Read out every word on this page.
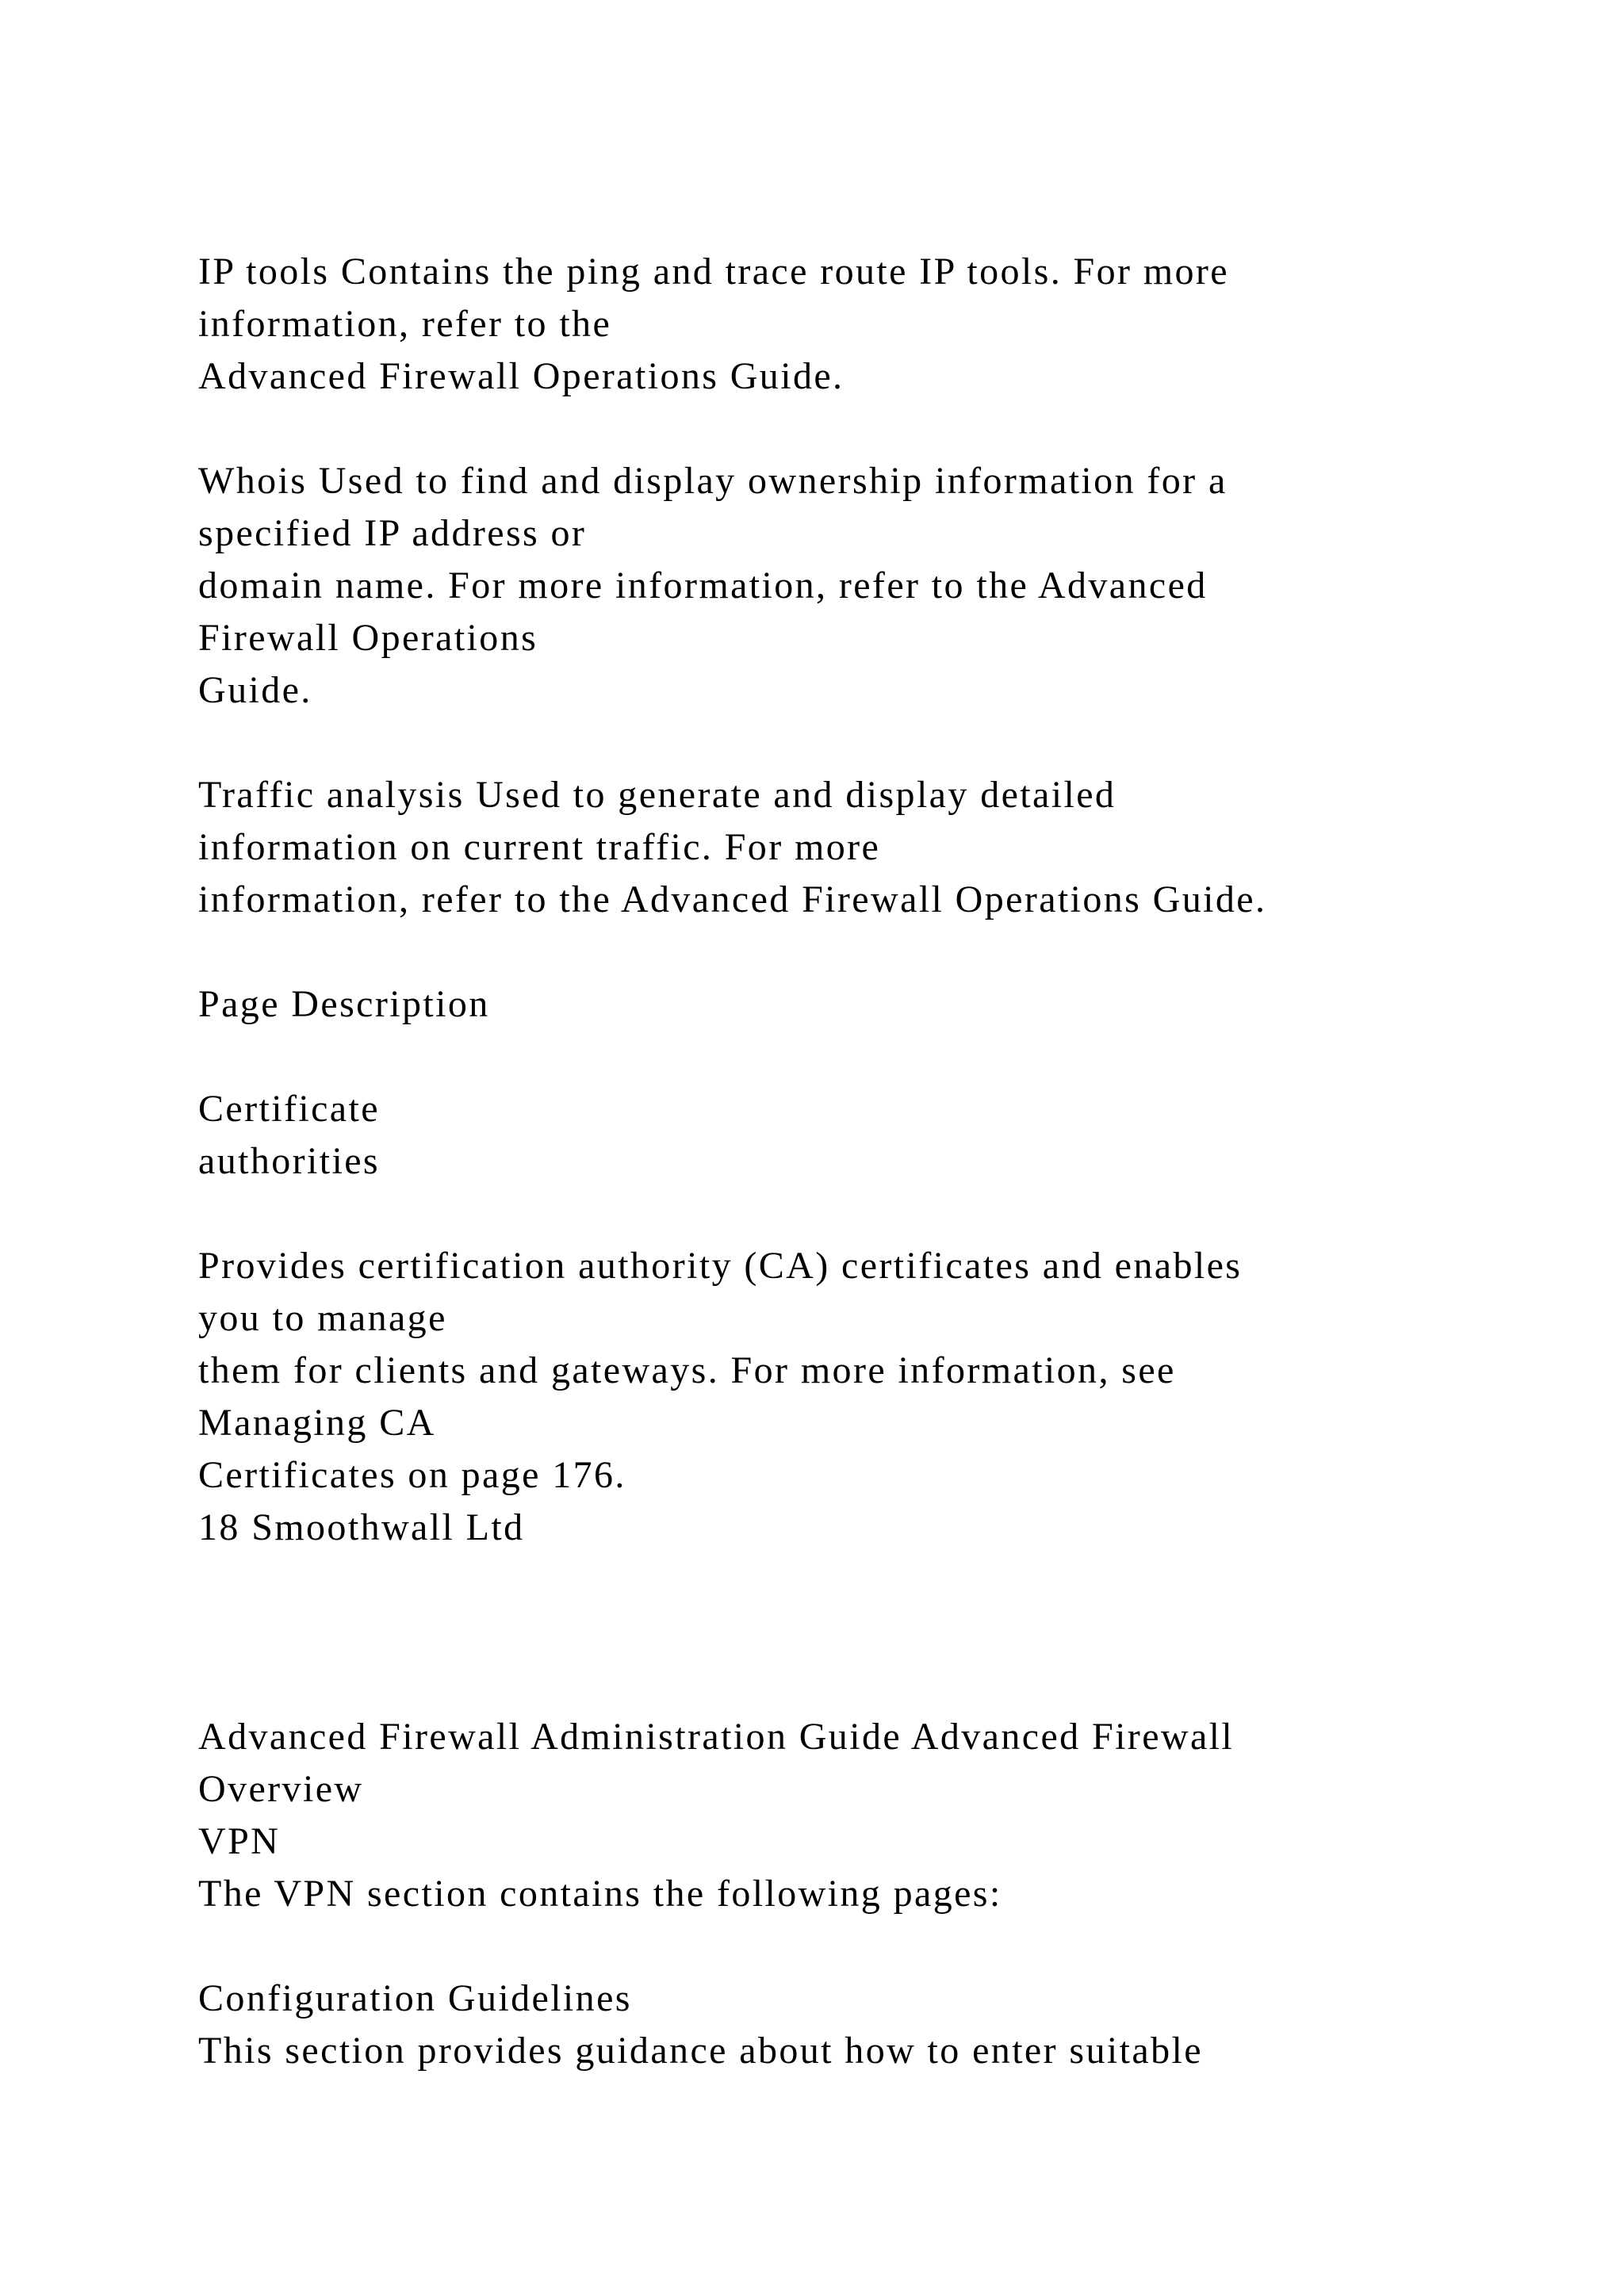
IP tools Contains the ping and trace route IP tools. For more

information, refer to the

Advanced Firewall Operations Guide.

Whois Used to find and display ownership information for a

specified IP address or

domain name. For more information, refer to the Advanced

Firewall Operations

Guide.

Traffic analysis Used to generate and display detailed

information on current traffic. For more

information, refer to the Advanced Firewall Operations Guide.

Page Description

Certificate

authorities

Provides certification authority (CA) certificates and enables

you to manage

them for clients and gateways. For more information, see

Managing CA

Certificates on page 176.

18 Smoothwall Ltd

Advanced Firewall Administration Guide Advanced Firewall

Overview

VPN

The VPN section contains the following pages:

Configuration Guidelines

This section provides guidance about how to enter suitable
